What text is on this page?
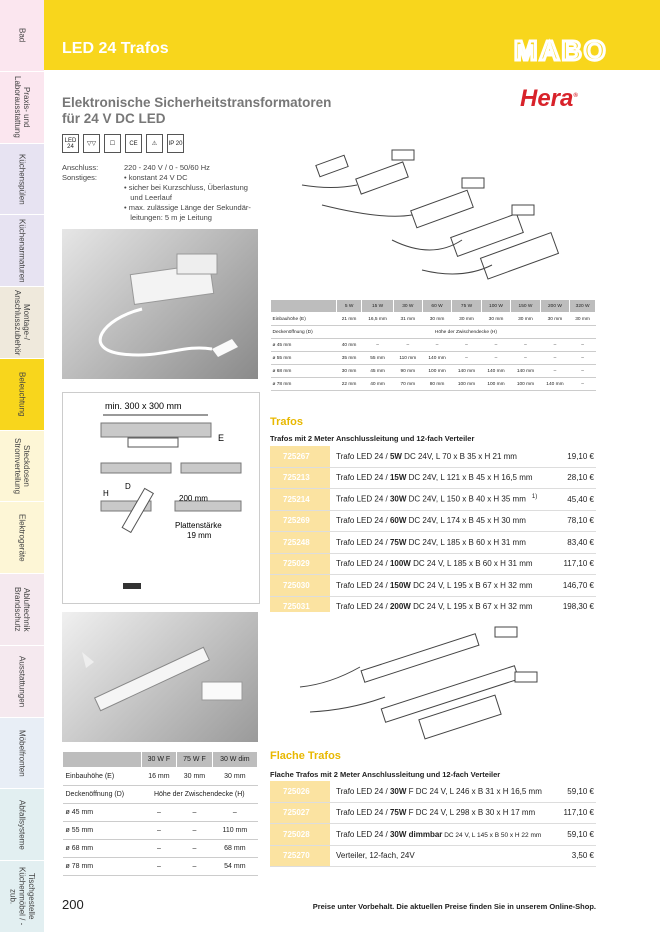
Bad
Praxis- und
Laborausstattung
Küchenspülen
Küchenarmaturen
Montage-/
Anschlusszubehör
Beleuchtung
Steckdosen
Stromverteilung
Elektrogeräte
Abluftechnik
Brandschutz
Ausstattungen
Möbelfronten
Abfallsysteme
Tischgestelle
Küchenmöbel / -zub.
LED 24 Trafos	MABO
Elektronische Sicherheitstransformatoren
für 24 V DC LED
Hera®
LED 24	▽▽	☐	CE	⚠	IP 20
Anschluss:	220 - 240 V / 0 - 50/60 Hz
Sonstiges:	• konstant 24 V DC
• sicher bei Kurzschluss, Überlastung
und Leerlauf
• max. zulässige Länge der Sekundär-
leitungen: 5 m je Leitung
	5 W	15 W	30 W	60 W	75 W	100 W	150 W	200 W	320 W
Einbauhöhe (E)	21 mm	16,5 mm	31 mm	30 mm	30 mm	30 mm	30 mm	30 mm	30 mm
Deckenöffnung (D)	Höhe der Zwischendecke (H)								
ø 45 mm	40 mm	–	–	–	–	–	–	–	–
ø 55 mm	35 mm	55 mm	110 mm	140 mm	–	–	–	–	–
ø 68 mm	30 mm	45 mm	90 mm	100 mm	140 mm	140 mm	140 mm	–	–
ø 78 mm	22 mm	40 mm	70 mm	80 mm	100 mm	100 mm	100 mm	140 mm	–
min. 300 x 300 mm
E
H
D
200 mm
Plattenstärke
19 mm
Trafos
Trafos mit 2 Meter Anschlussleitung und 12-fach Verteiler
725267	Trafo LED 24 / 5W DC 24V, L 70 x B 35 x H 21 mm	19,10 €
725213	Trafo LED 24 / 15W DC 24V, L 121 x B 45 x H 16,5 mm	28,10 €
725214	Trafo LED 24 / 30W DC 24V, L 150 x B 40 x H 35 mm $^{1)}$	45,40 €
725269	Trafo LED 24 / 60W DC 24V, L 174 x B 45 x H 30 mm	78,10 €
725248	Trafo LED 24 / 75W DC 24V, L 185 x B 60 x H 31 mm	83,40 €
725029	Trafo LED 24 / 100W DC 24 V, L 185 x B 60 x H 31 mm	117,10 €
725030	Trafo LED 24 / 150W DC 24 V, L 195 x B 67 x H 32 mm	146,70 €
725031	Trafo LED 24 / 200W DC 24 V, L 195 x B 67 x H 32 mm	198,30 €
	30 W F	75 W F	30 W dim
Einbauhöhe (E)	16 mm	30 mm	30 mm
Deckenöffnung (D)	Höhe der Zwischendecke (H)		
ø 45 mm	–	–	–
ø 55 mm	–	–	110 mm
ø 68 mm	–	–	68 mm
ø 78 mm	–	–	54 mm
Flache Trafos
Flache Trafos mit 2 Meter Anschlussleitung und 12-fach Verteiler
725026	Trafo LED 24 / 30W F DC 24 V, L 246 x B 31 x H 16,5 mm	59,10 €
725027	Trafo LED 24 / 75W F DC 24 V, L 298 x B 30 x H 17 mm	117,10 €
725028	Trafo LED 24 / 30W dimmbar DC 24 V, L 145 x B 50 x H 22 mm	59,10 €
725270	Verteiler, 12-fach, 24V	3,50 €
200	Preise unter Vorbehalt. Die aktuellen Preise finden Sie in unserem Online-Shop.
